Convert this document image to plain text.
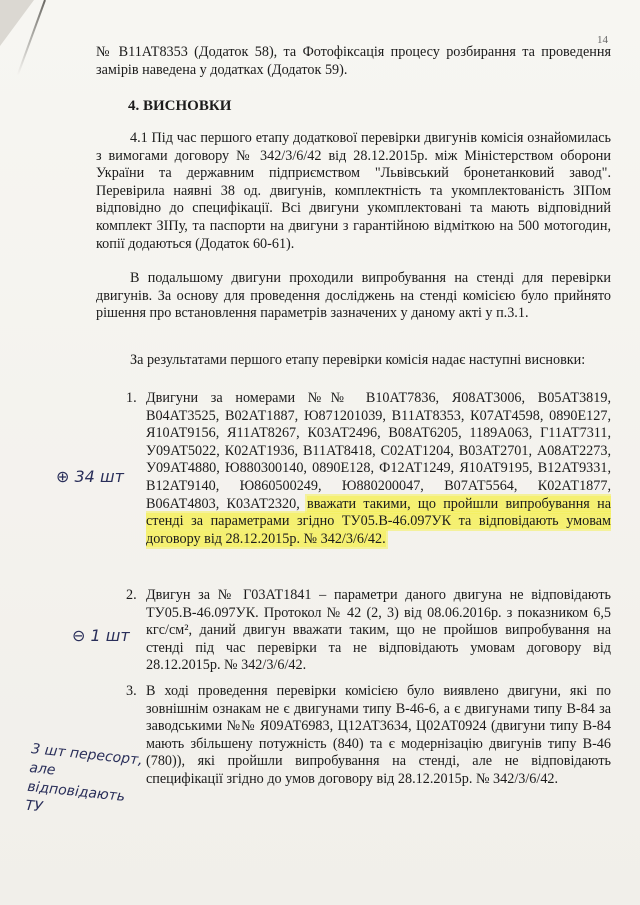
14
№ В11АТ8353 (Додаток 58), та Фотофіксація процесу розбирання та проведення замірів наведена у додатках (Додаток 59).
4. ВИСНОВКИ
4.1 Під час першого етапу додаткової перевірки двигунів комісія ознайомилась з вимогами договору № 342/3/6/42 від 28.12.2015р. між Міністерством оборони України та державним підприємством "Львівський бронетанковий завод". Перевірила наявні 38 од. двигунів, комплектність та укомплектованість ЗІПом відповідно до специфікації. Всі двигуни укомплектовані та мають відповідний комплект ЗІПу, та паспорти на двигуни з гарантійною відміткою на 500 мотогодин, копії додаються (Додаток 60-61).
В подальшому двигуни проходили випробування на стенді для перевірки двигунів. За основу для проведення досліджень на стенді комісією було прийнято рішення про встановлення параметрів зазначених у даному акті у п.3.1.
За результатами першого етапу перевірки комісія надає наступні висновки:
1. Двигуни за номерами №№ В10АТ7836, Я08АТ3006, В05АТ3819, В04АТ3525, В02АТ1887, Ю871201039, В11АТ8353, К07АТ4598, 0890Е127, Я10АТ9156, Я11АТ8267, К03АТ2496, В08АТ6205, 1189А063, Г11АТ7311, У09АТ5022, К02АТ1936, В11АТ8418, С02АТ1204, В03АТ2701, А08АТ2273, У09АТ4880, Ю880300140, 0890Е128, Ф12АТ1249, Я10АТ9195, В12АТ9331, В12АТ9140, Ю860500249, Ю880200047, В07АТ5564, К02АТ1877, В06АТ4803, К03АТ2320, вважати такими, що пройшли випробування на стенді за параметрами згідно ТУ05.В-46.097УК та відповідають умовам договору від 28.12.2015р. № 342/3/6/42.
2. Двигун за № Г03АТ1841 – параметри даного двигуна не відповідають ТУ05.В-46.097УК. Протокол № 42 (2, 3) від 08.06.2016р. з показником 6,5 кгс/см², даний двигун вважати таким, що не пройшов випробування на стенді під час перевірки та не відповідають умовам договору від 28.12.2015р. № 342/3/6/42.
3. В ході проведення перевірки комісією було виявлено двигуни, які по зовнішнім ознакам не є двигунами типу В-46-6, а є двигунами типу В-84 за заводськими №№ Я09АТ6983, Ц12АТ3634, Ц02АТ0924 (двигуни типу В-84 мають збільшену потужність (840) та є модернізацію двигунів типу В-46 (780)), які пройшли випробування на стенді, але не відповідають специфікації згідно до умов договору від 28.12.2015р. № 342/3/6/42.
⊕ 34 шт
⊖ 1 шт
3 шт пересорт, але відповідають ТУ
